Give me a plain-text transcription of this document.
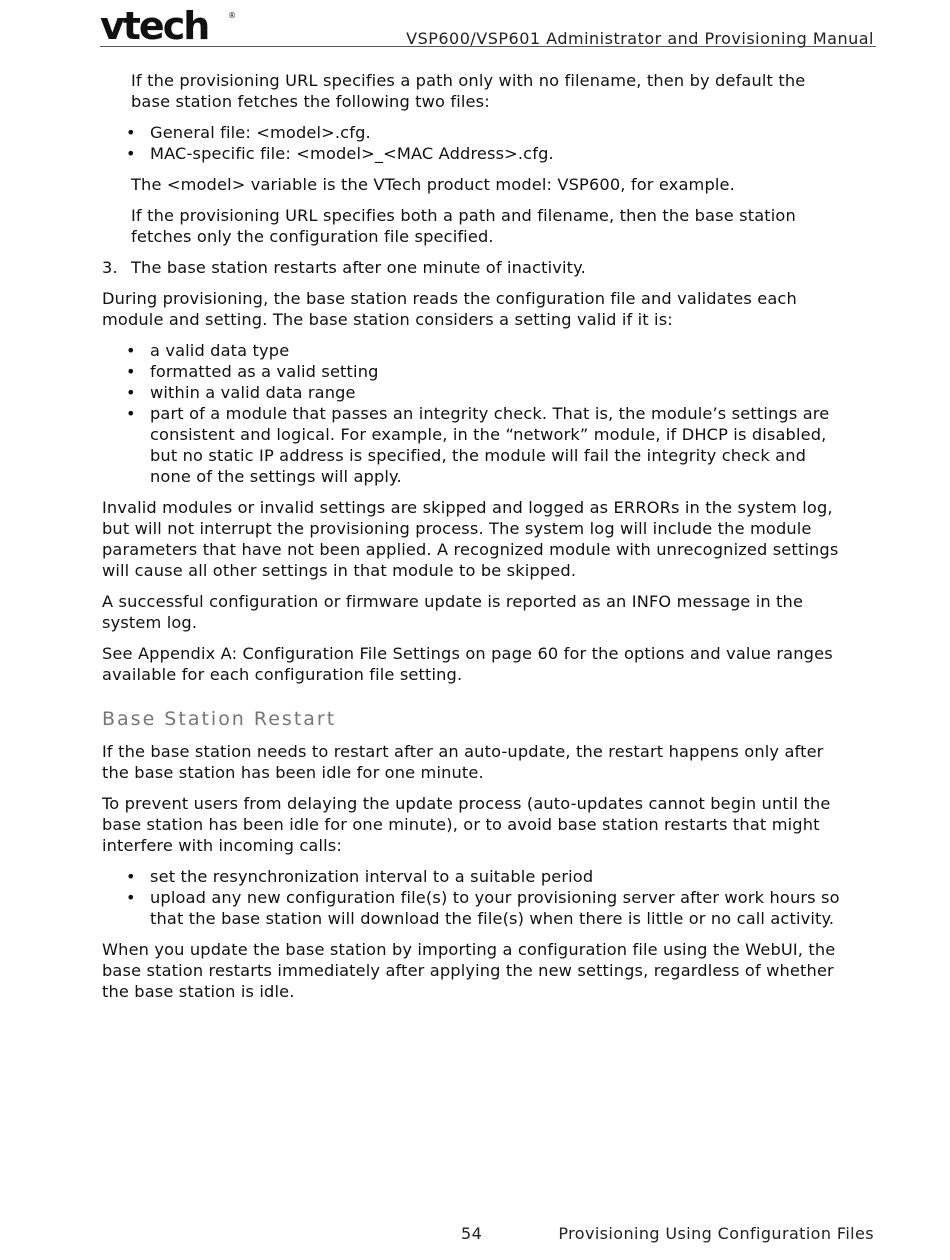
vtech ®
VSP600/VSP601 Administrator and Provisioning Manual

If the provisioning URL specifies a path only with no filename, then by default the base station fetches the following two files:

• General file: <model>.cfg.
• MAC-specific file: <model>_<MAC Address>.cfg.

The <model> variable is the VTech product model: VSP600, for example.

If the provisioning URL specifies both a path and filename, then the base station fetches only the configuration file specified.

3. The base station restarts after one minute of inactivity.

During provisioning, the base station reads the configuration file and validates each module and setting. The base station considers a setting valid if it is:

• a valid data type
• formatted as a valid setting
• within a valid data range
• part of a module that passes an integrity check. That is, the module’s settings are consistent and logical. For example, in the “network” module, if DHCP is disabled, but no static IP address is specified, the module will fail the integrity check and none of the settings will apply.

Invalid modules or invalid settings are skipped and logged as ERRORs in the system log, but will not interrupt the provisioning process. The system log will include the module parameters that have not been applied. A recognized module with unrecognized settings will cause all other settings in that module to be skipped.

A successful configuration or firmware update is reported as an INFO message in the system log.

See Appendix A: Configuration File Settings on page 60 for the options and value ranges available for each configuration file setting.

Base Station Restart

If the base station needs to restart after an auto-update, the restart happens only after the base station has been idle for one minute.

To prevent users from delaying the update process (auto-updates cannot begin until the base station has been idle for one minute), or to avoid base station restarts that might interfere with incoming calls:

• set the resynchronization interval to a suitable period
• upload any new configuration file(s) to your provisioning server after work hours so that the base station will download the file(s) when there is little or no call activity.

When you update the base station by importing a configuration file using the WebUI, the base station restarts immediately after applying the new settings, regardless of whether the base station is idle.

54	Provisioning Using Configuration Files
